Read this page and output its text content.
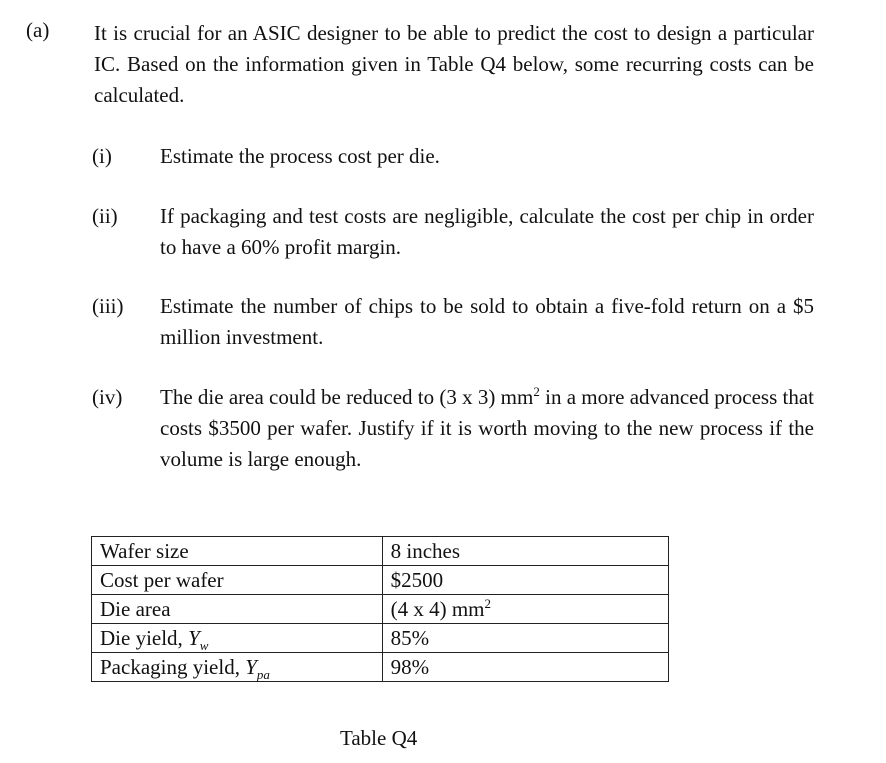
(a) It is crucial for an ASIC designer to be able to predict the cost to design a particular IC. Based on the information given in Table Q4 below, some recurring costs can be calculated.
(i) Estimate the process cost per die.
(ii) If packaging and test costs are negligible, calculate the cost per chip in order to have a 60% profit margin.
(iii) Estimate the number of chips to be sold to obtain a five-fold return on a $5 million investment.
(iv) The die area could be reduced to (3 x 3) $mm^2$ in a more advanced process that costs $3500 per wafer. Justify if it is worth moving to the new process if the volume is large enough.
Wafer size	8 inches
Cost per wafer	$2500
Die area	(4 x 4) $mm^2$
Die yield, $Y_w$	85%
Packaging yield, $Y_{pa}$	98%
Table Q4
